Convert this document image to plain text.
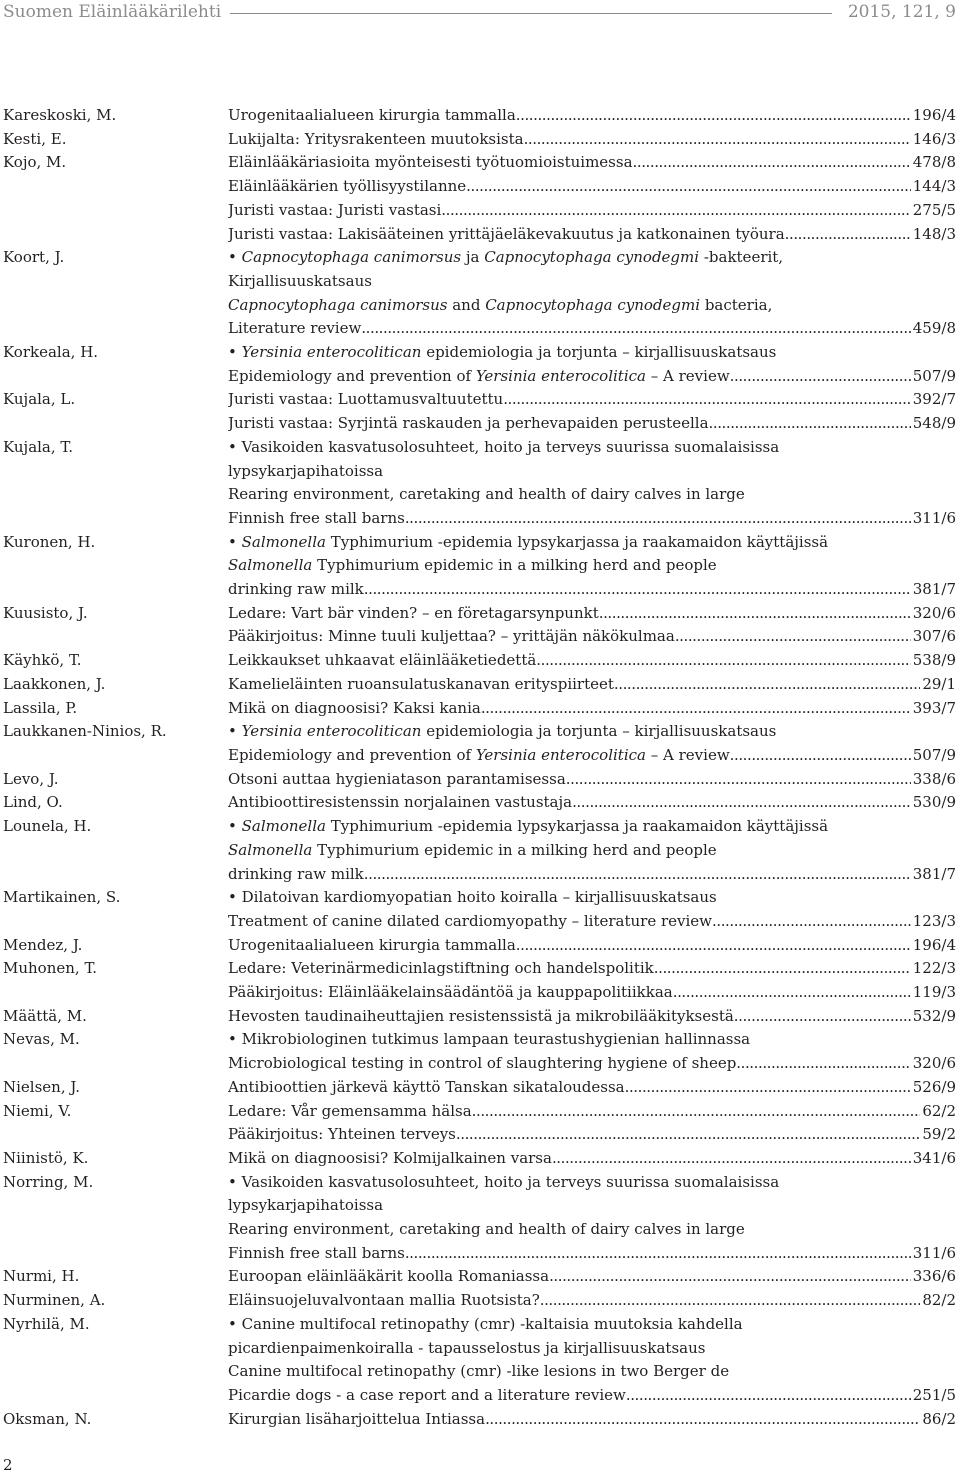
Suomen Eläinlääkärilehti	2015, 121, 9
Kareskoski, M.	Urogenitaalialueen kirurgia tammalla . . .	196/4
Kesti, E.	Lukijalta: Yritysrakenteen muutoksista . . .	146/3
Kojo, M.	Eläinlääkäriasioita myönteisesti työtuomioistuimessa . . .	478/8
Eläinlääkärien työllisyystilanne . . .	144/3
Juristi vastaa: Juristi vastasi . . .	275/5
Juristi vastaa: Lakisääteinen yrittäjäeläkevakuutus ja katkonainen työura . . .	148/3
Koort, J.	• Capnocytophaga canimorsus ja Capnocytophaga cynodegmi -bakteerit,
Kirjallisuuskatsaus
Capnocytophaga canimorsus and Capnocytophaga cynodegmi bacteria,
Literature review . . .	459/8
Korkeala, H.	• Yersinia enterocolitican epidemiologia ja torjunta – kirjallisuuskatsaus
Epidemiology and prevention of Yersinia enterocolitica – A review . . .	507/9
Kujala, L.	Juristi vastaa: Luottamusvaltuutettu . . .	392/7
Juristi vastaa: Syrjintä raskauden ja perhevapaiden perusteella . . .	548/9
Kujala, T.	• Vasikoiden kasvatusolosuhteet, hoito ja terveys suurissa suomalaisissa
lypsykarjapihatoissa
Rearing environment, caretaking and health of dairy calves in large
Finnish free stall barns . . .	311/6
Kuronen, H.	• Salmonella Typhimurium -epidemia lypsykarjassa ja raakamaidon käyttäjissä
Salmonella Typhimurium epidemic in a milking herd and people
drinking raw milk . . .	381/7
Kuusisto, J.	Ledare: Vart bär vinden? – en företagarsynpunkt . . .	320/6
Pääkirjoitus: Minne tuuli kuljettaa? – yrittäjän näkökulmaa . . .	307/6
Käyhkö, T.	Leikkaukset uhkaavat eläinlääketiedettä . . .	538/9
Laakkonen, J.	Kamelieläinten ruoansulatuskanavan erityspiirteet . . .	29/1
Lassila, P.	Mikä on diagnoosisi? Kaksi kania . . .	393/7
Laukkanen-Ninios, R.	• Yersinia enterocolitican epidemiologia ja torjunta – kirjallisuuskatsaus
Epidemiology and prevention of Yersinia enterocolitica – A review . . .	507/9
Levo, J.	Otsoni auttaa hygieniatason parantamisessa . . .	338/6
Lind, O.	Antibioottiresistenssin norjalainen vastustaja . . .	530/9
Lounela, H.	• Salmonella Typhimurium -epidemia lypsykarjassa ja raakamaidon käyttäjissä
Salmonella Typhimurium epidemic in a milking herd and people
drinking raw milk . . .	381/7
Martikainen, S.	• Dilatoivan kardiomyopatian hoito koiralla – kirjallisuuskatsaus
Treatment of canine dilated cardiomyopathy – literature review . . .	123/3
Mendez, J.	Urogenitaalialueen kirurgia tammalla . . .	196/4
Muhonen, T.	Ledare: Veterinärmedicinlagstiftning och handelspolitik . . .	122/3
Pääkirjoitus: Eläinlääkelainsäädäntöä ja kauppapolitiikkaa . . .	119/3
Määttä, M.	Hevosten taudinaiheuttajien resistenssistä ja mikrobilääkityksestä . . .	532/9
Nevas, M.	• Mikrobiologinen tutkimus lampaan teurastushygienian hallinnassa
Microbiological testing in control of slaughtering hygiene of sheep . . .	320/6
Nielsen, J.	Antibioottien järkevä käyttö Tanskan sikataloudessa . . .	526/9
Niemi, V.	Ledare: Vår gemensamma hälsa . . .	62/2
Pääkirjoitus: Yhteinen terveys . . .	59/2
Niinistö, K.	Mikä on diagnoosisi? Kolmijalkainen varsa . . .	341/6
Norring, M.	• Vasikoiden kasvatusolosuhteet, hoito ja terveys suurissa suomalaisissa
lypsykarjapihatoissa
Rearing environment, caretaking and health of dairy calves in large
Finnish free stall barns . . .	311/6
Nurmi, H.	Euroopan eläinlääkärit koolla Romaniassa . . .	336/6
Nurminen, A.	Eläinsuojeluvalvontaan mallia Ruotsista? . . .	82/2
Nyrhilä, M.	• Canine multifocal retinopathy (cmr) -kaltaisia muutoksia kahdella
picardienpaimenkoiralla - tapausselostus ja kirjallisuuskatsaus
Canine multifocal retinopathy (cmr) -like lesions in two Berger de
Picardie dogs - a case report and a literature review . . .	251/5
Oksman, N.	Kirurgian lisäharjoittelua Intiassa . . .	86/2
2
